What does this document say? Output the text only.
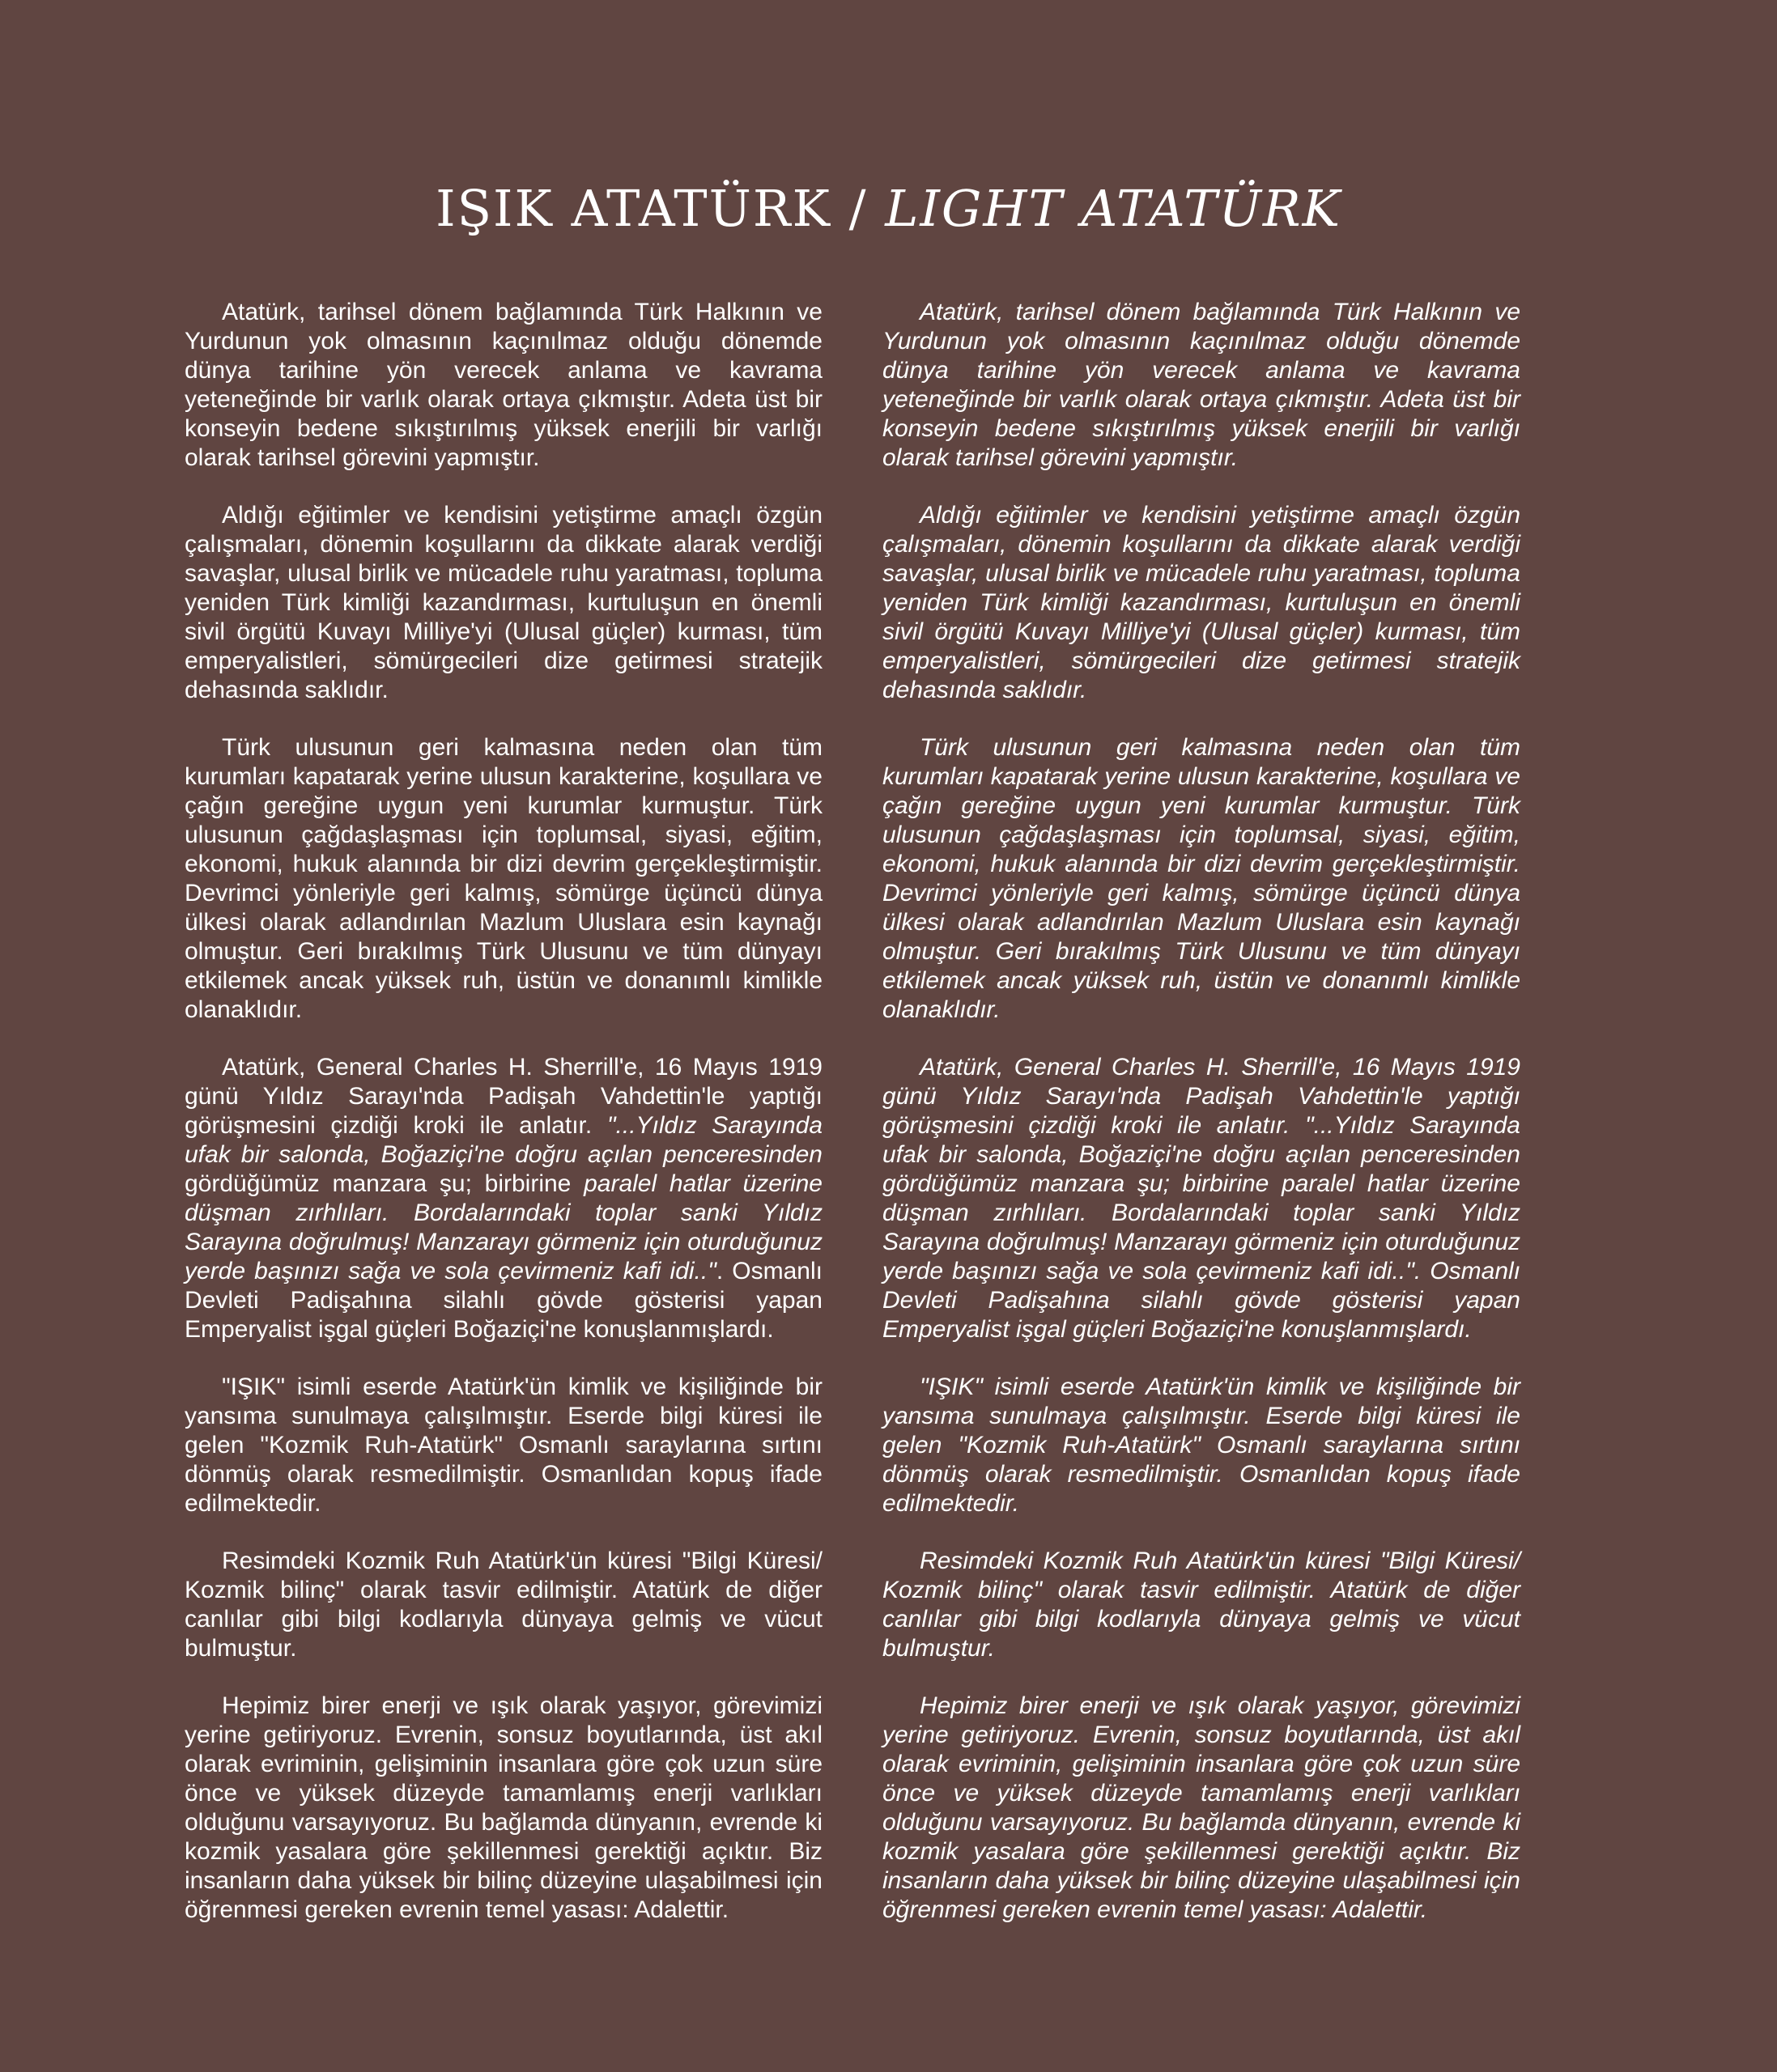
IŞIK ATATÜRK / LIGHT ATATÜRK

Atatürk, tarihsel dönem bağlamında Türk Halkının ve Yurdunun yok olmasının kaçınılmaz olduğu dönemde dünya tarihine yön verecek anlama ve kavrama yeteneğinde bir varlık olarak ortaya çıkmıştır. Adeta üst bir konseyin bedene sıkıştırılmış yüksek enerjili bir varlığı olarak tarihsel görevini yapmıştır.

Aldığı eğitimler ve kendisini yetiştirme amaçlı özgün çalışmaları, dönemin koşullarını da dikkate alarak verdiği savaşlar, ulusal birlik ve mücadele ruhu yaratması, topluma yeniden Türk kimliği kazandırması, kurtuluşun en önemli sivil örgütü Kuvayı Milliye'yi (Ulusal güçler) kurması, tüm emperyalistleri, sömürgecileri dize getirmesi stratejik dehasında saklıdır.

Türk ulusunun geri kalmasına neden olan tüm kurumları kapatarak yerine ulusun karakterine, koşullara ve çağın gereğine uygun yeni kurumlar kurmuştur. Türk ulusunun çağdaşlaşması için toplumsal, siyasi, eğitim, ekonomi, hukuk alanında bir dizi devrim gerçekleştirmiştir. Devrimci yönleriyle geri kalmış, sömürge üçüncü dünya ülkesi olarak adlandırılan Mazlum Uluslara esin kaynağı olmuştur. Geri bırakılmış Türk Ulusunu ve tüm dünyayı etkilemek ancak yüksek ruh, üstün ve donanımlı kimlikle olanaklıdır.

Atatürk, General Charles H. Sherrill'e, 16 Mayıs 1919 günü Yıldız Sarayı'nda Padişah Vahdettin'le yaptığı görüşmesini çizdiği kroki ile anlatır. "...Yıldız Sarayında ufak bir salonda, Boğaziçi'ne doğru açılan penceresinden gördüğümüz manzara şu; birbirine paralel hatlar üzerine düşman zırhlıları. Bordalarındaki toplar sanki Yıldız Sarayına doğrulmuş! Manzarayı görmeniz için oturduğunuz yerde başınızı sağa ve sola çevirmeniz kafi idi..". Osmanlı Devleti Padişahına silahlı gövde gösterisi yapan Emperyalist işgal güçleri Boğaziçi'ne konuşlanmışlardı.

"IŞIK" isimli eserde Atatürk'ün kimlik ve kişiliğinde bir yansıma sunulmaya çalışılmıştır. Eserde bilgi küresi ile gelen "Kozmik Ruh-Atatürk" Osmanlı saraylarına sırtını dönmüş olarak resmedilmiştir. Osmanlıdan kopuş ifade edilmektedir.

Resimdeki Kozmik Ruh Atatürk'ün küresi "Bilgi Küresi/ Kozmik bilinç" olarak tasvir edilmiştir. Atatürk de diğer canlılar gibi bilgi kodlarıyla dünyaya gelmiş ve vücut bulmuştur.

Hepimiz birer enerji ve ışık olarak yaşıyor, görevimizi yerine getiriyoruz. Evrenin, sonsuz boyutlarında, üst akıl olarak evriminin, gelişiminin insanlara göre çok uzun süre önce ve yüksek düzeyde tamamlamış enerji varlıkları olduğunu varsayıyoruz. Bu bağlamda dünyanın, evrende ki kozmik yasalara göre şekillenmesi gerektiği açıktır. Biz insanların daha yüksek bir bilinç düzeyine ulaşabilmesi için öğrenmesi gereken evrenin temel yasası: Adalettir.

Atatürk, tarihsel dönem bağlamında Türk Halkının ve Yurdunun yok olmasının kaçınılmaz olduğu dönemde dünya tarihine yön verecek anlama ve kavrama yeteneğinde bir varlık olarak ortaya çıkmıştır. Adeta üst bir konseyin bedene sıkıştırılmış yüksek enerjili bir varlığı olarak tarihsel görevini yapmıştır.

Aldığı eğitimler ve kendisini yetiştirme amaçlı özgün çalışmaları, dönemin koşullarını da dikkate alarak verdiği savaşlar, ulusal birlik ve mücadele ruhu yaratması, topluma yeniden Türk kimliği kazandırması, kurtuluşun en önemli sivil örgütü Kuvayı Milliye'yi (Ulusal güçler) kurması, tüm emperyalistleri, sömürgecileri dize getirmesi stratejik dehasında saklıdır.

Türk ulusunun geri kalmasına neden olan tüm kurumları kapatarak yerine ulusun karakterine, koşullara ve çağın gereğine uygun yeni kurumlar kurmuştur. Türk ulusunun çağdaşlaşması için toplumsal, siyasi, eğitim, ekonomi, hukuk alanında bir dizi devrim gerçekleştirmiştir. Devrimci yönleriyle geri kalmış, sömürge üçüncü dünya ülkesi olarak adlandırılan Mazlum Uluslara esin kaynağı olmuştur. Geri bırakılmış Türk Ulusunu ve tüm dünyayı etkilemek ancak yüksek ruh, üstün ve donanımlı kimlikle olanaklıdır.

Atatürk, General Charles H. Sherrill'e, 16 Mayıs 1919 günü Yıldız Sarayı'nda Padişah Vahdettin'le yaptığı görüşmesini çizdiği kroki ile anlatır. "...Yıldız Sarayında ufak bir salonda, Boğaziçi'ne doğru açılan penceresinden gördüğümüz manzara şu; birbirine paralel hatlar üzerine düşman zırhlıları. Bordalarındaki toplar sanki Yıldız Sarayına doğrulmuş! Manzarayı görmeniz için oturduğunuz yerde başınızı sağa ve sola çevirmeniz kafi idi..". Osmanlı Devleti Padişahına silahlı gövde gösterisi yapan Emperyalist işgal güçleri Boğaziçi'ne konuşlanmışlardı.

"IŞIK" isimli eserde Atatürk'ün kimlik ve kişiliğinde bir yansıma sunulmaya çalışılmıştır. Eserde bilgi küresi ile gelen "Kozmik Ruh-Atatürk" Osmanlı saraylarına sırtını dönmüş olarak resmedilmiştir. Osmanlıdan kopuş ifade edilmektedir.

Resimdeki Kozmik Ruh Atatürk'ün küresi "Bilgi Küresi/ Kozmik bilinç" olarak tasvir edilmiştir. Atatürk de diğer canlılar gibi bilgi kodlarıyla dünyaya gelmiş ve vücut bulmuştur.

Hepimiz birer enerji ve ışık olarak yaşıyor, görevimizi yerine getiriyoruz. Evrenin, sonsuz boyutlarında, üst akıl olarak evriminin, gelişiminin insanlara göre çok uzun süre önce ve yüksek düzeyde tamamlamış enerji varlıkları olduğunu varsayıyoruz. Bu bağlamda dünyanın, evrende ki kozmik yasalara göre şekillenmesi gerektiği açıktır. Biz insanların daha yüksek bir bilinç düzeyine ulaşabilmesi için öğrenmesi gereken evrenin temel yasası: Adalettir.
